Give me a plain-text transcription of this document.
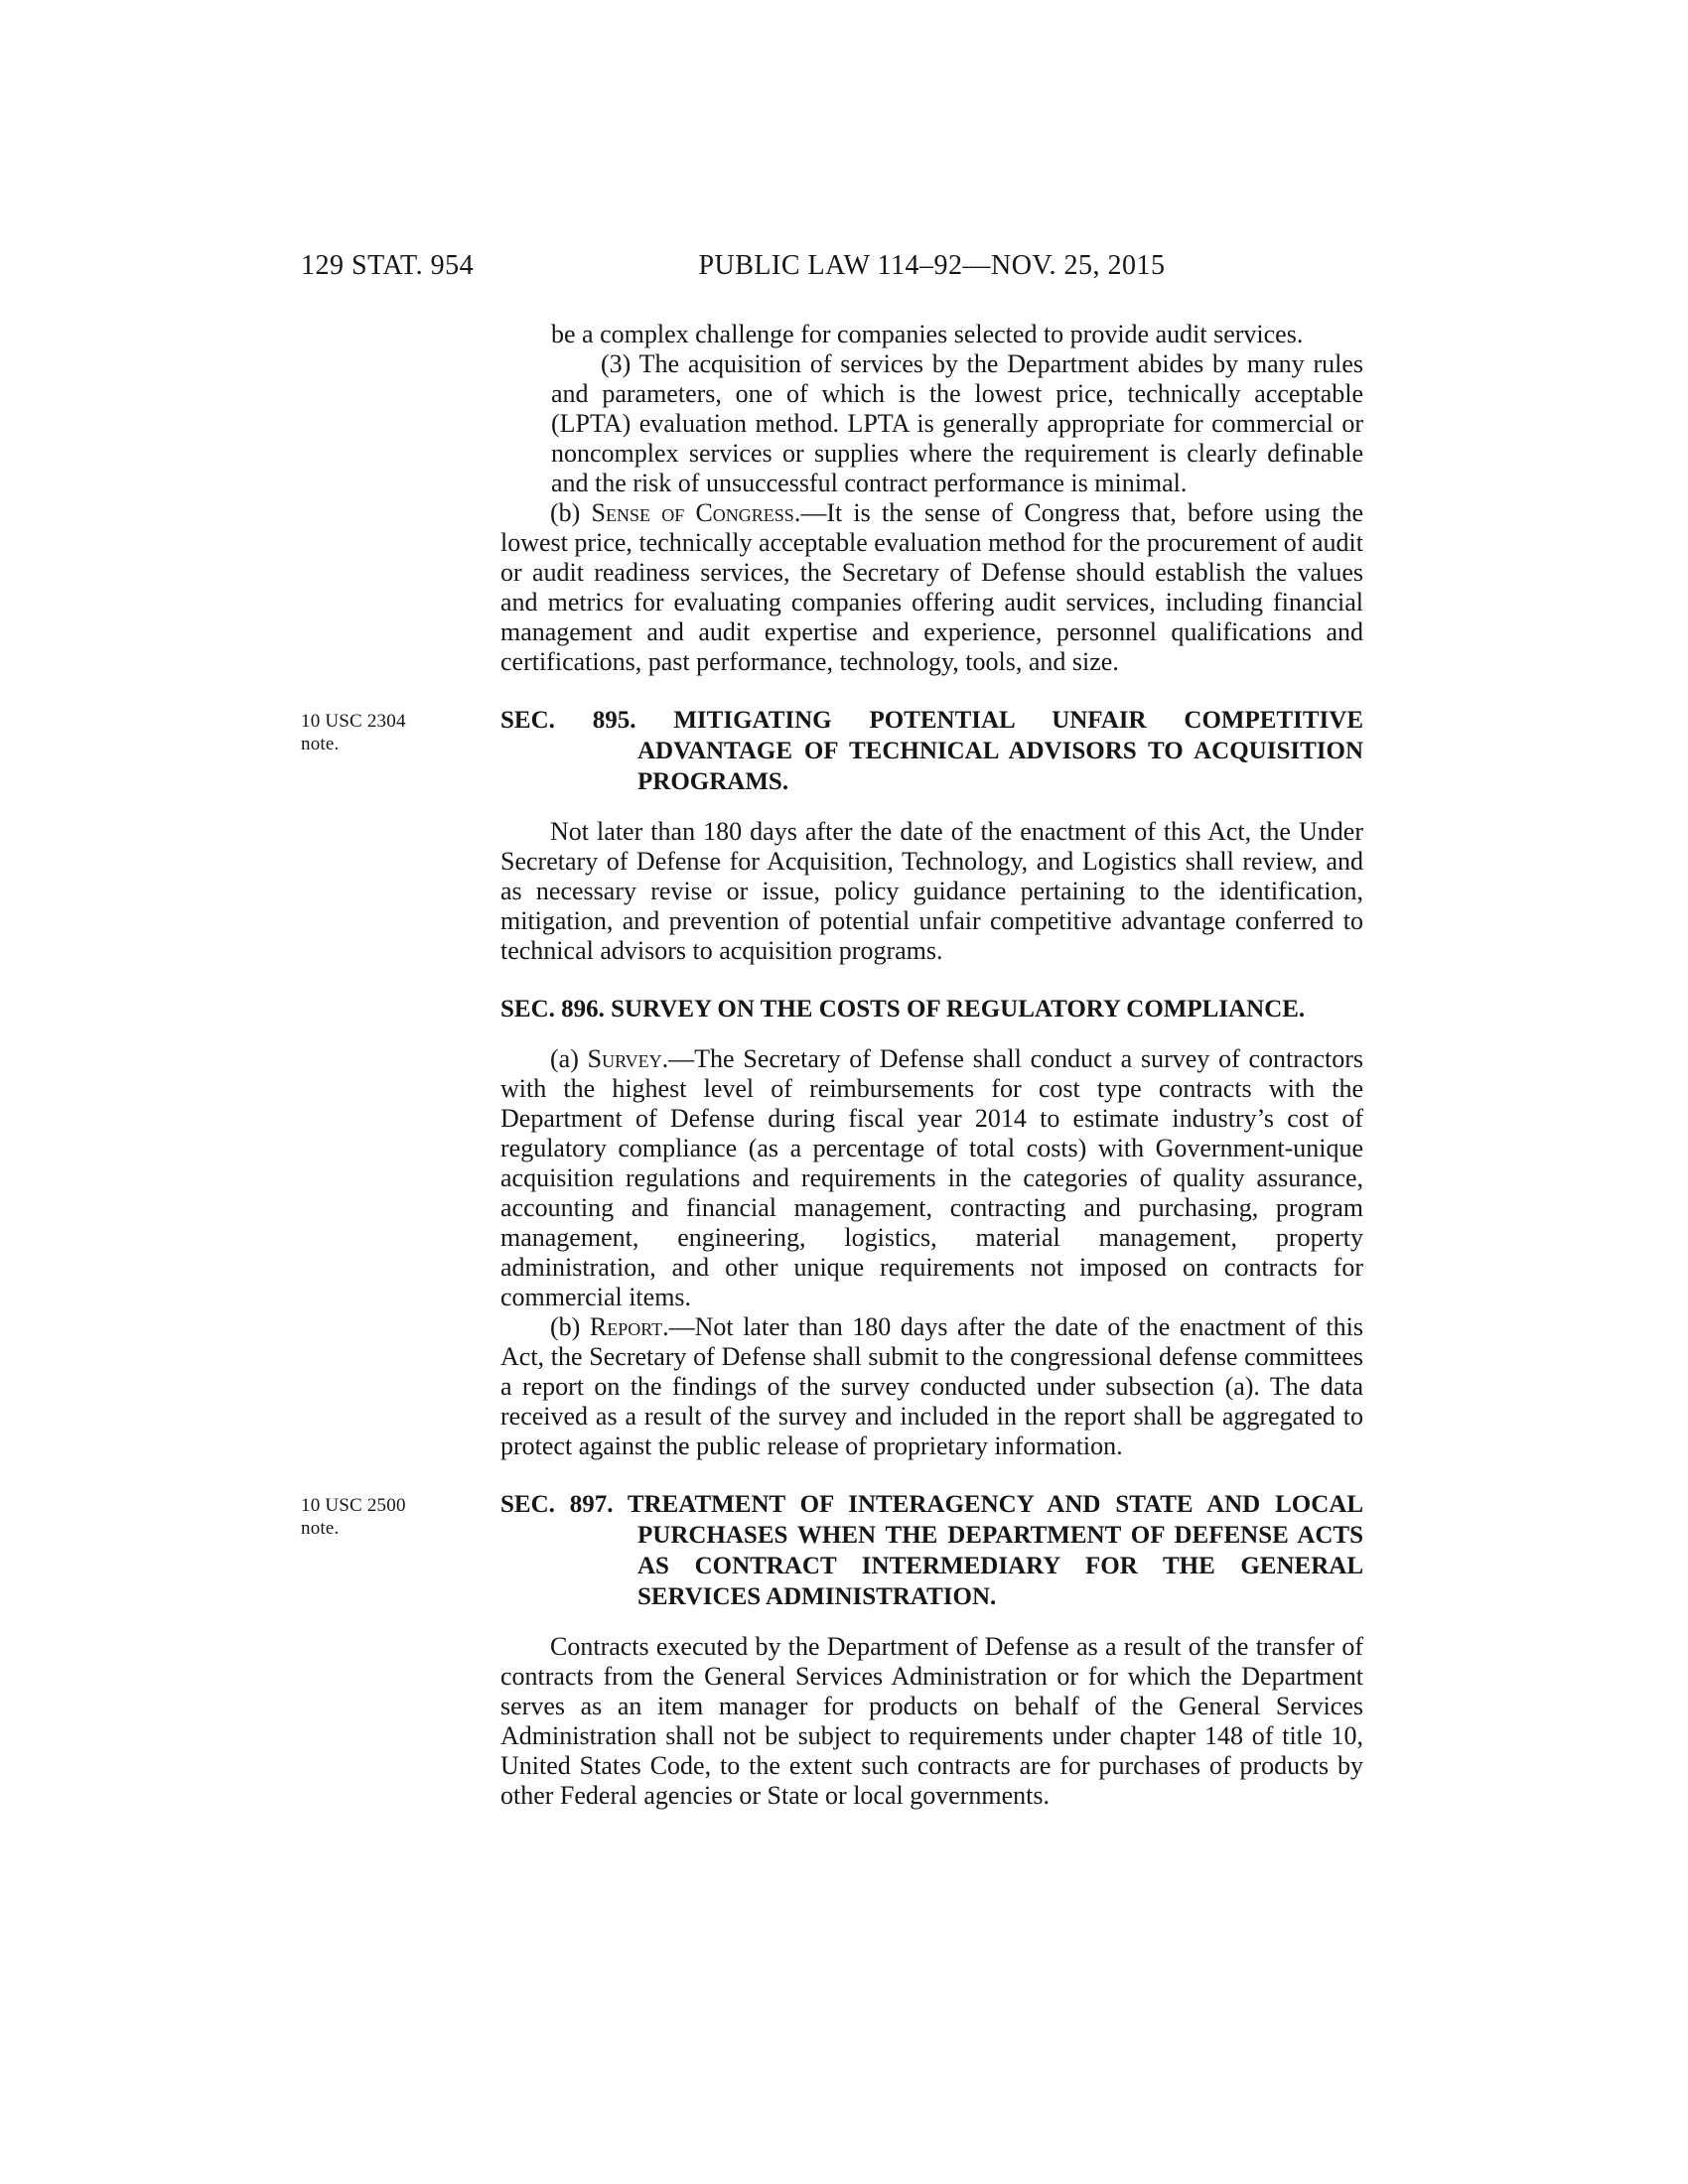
129 STAT. 954	PUBLIC LAW 114–92—NOV. 25, 2015

be a complex challenge for companies selected to provide audit services.

(3) The acquisition of services by the Department abides by many rules and parameters, one of which is the lowest price, technically acceptable (LPTA) evaluation method. LPTA is generally appropriate for commercial or noncomplex services or supplies where the requirement is clearly definable and the risk of unsuccessful contract performance is minimal.

(b) Sense of Congress.—It is the sense of Congress that, before using the lowest price, technically acceptable evaluation method for the procurement of audit or audit readiness services, the Secretary of Defense should establish the values and metrics for evaluating companies offering audit services, including financial management and audit expertise and experience, personnel qualifications and certifications, past performance, technology, tools, and size.

10 USC 2304 note.
SEC. 895. MITIGATING POTENTIAL UNFAIR COMPETITIVE ADVANTAGE OF TECHNICAL ADVISORS TO ACQUISITION PROGRAMS.

Not later than 180 days after the date of the enactment of this Act, the Under Secretary of Defense for Acquisition, Technology, and Logistics shall review, and as necessary revise or issue, policy guidance pertaining to the identification, mitigation, and prevention of potential unfair competitive advantage conferred to technical advisors to acquisition programs.

SEC. 896. SURVEY ON THE COSTS OF REGULATORY COMPLIANCE.

(a) Survey.—The Secretary of Defense shall conduct a survey of contractors with the highest level of reimbursements for cost type contracts with the Department of Defense during fiscal year 2014 to estimate industry’s cost of regulatory compliance (as a percentage of total costs) with Government-unique acquisition regulations and requirements in the categories of quality assurance, accounting and financial management, contracting and purchasing, program management, engineering, logistics, material management, property administration, and other unique requirements not imposed on contracts for commercial items.

(b) Report.—Not later than 180 days after the date of the enactment of this Act, the Secretary of Defense shall submit to the congressional defense committees a report on the findings of the survey conducted under subsection (a). The data received as a result of the survey and included in the report shall be aggregated to protect against the public release of proprietary information.

10 USC 2500 note.
SEC. 897. TREATMENT OF INTERAGENCY AND STATE AND LOCAL PURCHASES WHEN THE DEPARTMENT OF DEFENSE ACTS AS CONTRACT INTERMEDIARY FOR THE GENERAL SERVICES ADMINISTRATION.

Contracts executed by the Department of Defense as a result of the transfer of contracts from the General Services Administration or for which the Department serves as an item manager for products on behalf of the General Services Administration shall not be subject to requirements under chapter 148 of title 10, United States Code, to the extent such contracts are for purchases of products by other Federal agencies or State or local governments.
